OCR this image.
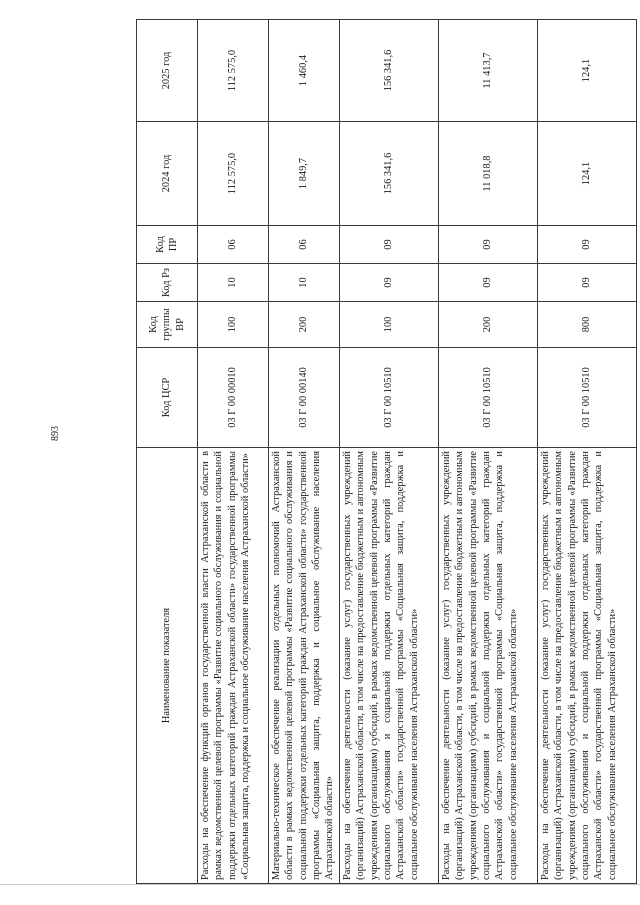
893
Наименование показателя	Код ЦСР	Код группы ВР	Код Рз	Код ПР	2024 год	2025 год
Расходы на обеспечение функций органов государственной власти Астраханской области в рамках ведомственной целевой программы «Развитие социального обслуживания и социальной поддержки отдельных категорий граждан Астраханской области» государственной программы «Социальная защита, поддержка и социальное обслуживание населения Астраханской области»	03 Г 00 00010	100	10	06	112 575,0	112 575,0
Материально-техническое обеспечение реализации отдельных полномочий Астраханской области в рамках ведомственной целевой программы «Развитие социального обслуживания и социальной поддержки отдельных категорий граждан Астраханской области» государственной программы «Социальная защита, поддержка и социальное обслуживание населения Астраханской области»	03 Г 00 00140	200	10	06	1 849,7	1 460,4
Расходы на обеспечение деятельности (оказание услуг) государственных учреждений (организаций) Астраханской области, в том числе на предоставление бюджетным и автономным учреждениям (организациям) субсидий, в рамках ведомственной целевой программы «Развитие социального обслуживания и социальной поддержки отдельных категорий граждан Астраханской области» государственной программы «Социальная защита, поддержка и социальное обслуживание населения Астраханской области»	03 Г 00 10510	100	09	09	156 341,6	156 341,6
Расходы на обеспечение деятельности (оказание услуг) государственных учреждений (организаций) Астраханской области, в том числе на предоставление бюджетным и автономным учреждениям (организациям) субсидий, в рамках ведомственной целевой программы «Развитие социального обслуживания и социальной поддержки отдельных категорий граждан Астраханской области» государственной программы «Социальная защита, поддержка и социальное обслуживание населения Астраханской области»	03 Г 00 10510	200	09	09	11 018,8	11 413,7
Расходы на обеспечение деятельности (оказание услуг) государственных учреждений (организаций) Астраханской области, в том числе на предоставление бюджетным и автономным учреждениям (организациям) субсидий, в рамках ведомственной целевой программы «Развитие социального обслуживания и социальной поддержки отдельных категорий граждан Астраханской области» государственной программы «Социальная защита, поддержка и социальное обслуживание населения Астраханской области»	03 Г 00 10510	800	09	09	124,1	124,1
